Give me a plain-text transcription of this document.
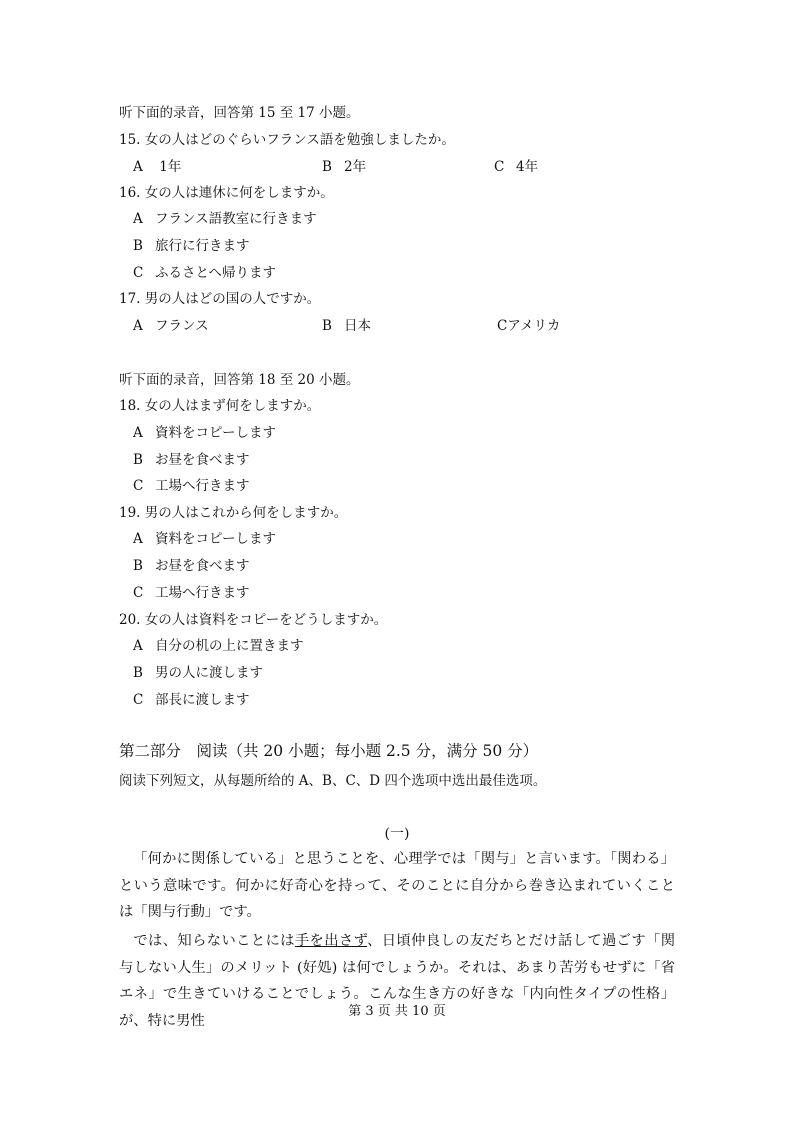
听下面的录音，回答第 15 至 17 小题。
15. 女の人はどのぐらいフランス語を勉強しましたか。
A 1年	B 2年	C 4年
16. 女の人は連休に何をしますか。
A フランス語教室に行きます
B 旅行に行きます
C ふるさとへ帰ります
17. 男の人はどの国の人ですか。
A フランス	B 日本	Cアメリカ
听下面的录音，回答第 18 至 20 小题。
18. 女の人はまず何をしますか。
A 資料をコピーします
B お昼を食べます
C 工場へ行きます
19. 男の人はこれから何をしますか。
A 資料をコピーします
B お昼を食べます
C 工場へ行きます
20. 女の人は資料をコピーをどうしますか。
A 自分の机の上に置きます
B 男の人に渡します
C 部長に渡します
第二部分　阅读（共 20 小题；每小题 2.5 分，满分 50 分）
阅读下列短文，从每题所给的 A、B、C、D 四个选项中选出最佳选项。
(一)
「何かに関係している」と思うことを、心理学では「関与」と言います。「関わる」という意味です。何かに好奇心を持って、そのことに自分から巻き込まれていくことは「関与行動」です。
では、知らないことには手を出さず、日頃仲良しの友だちとだけ話して過ごす「関与しない人生」のメリット (好処) は何でしょうか。それは、あまり苦労もせずに「省エネ」で生きていけることでしょう。こんな生き方の好きな「内向性タイプの性格」が、特に男性
第 3 页 共 10 页
